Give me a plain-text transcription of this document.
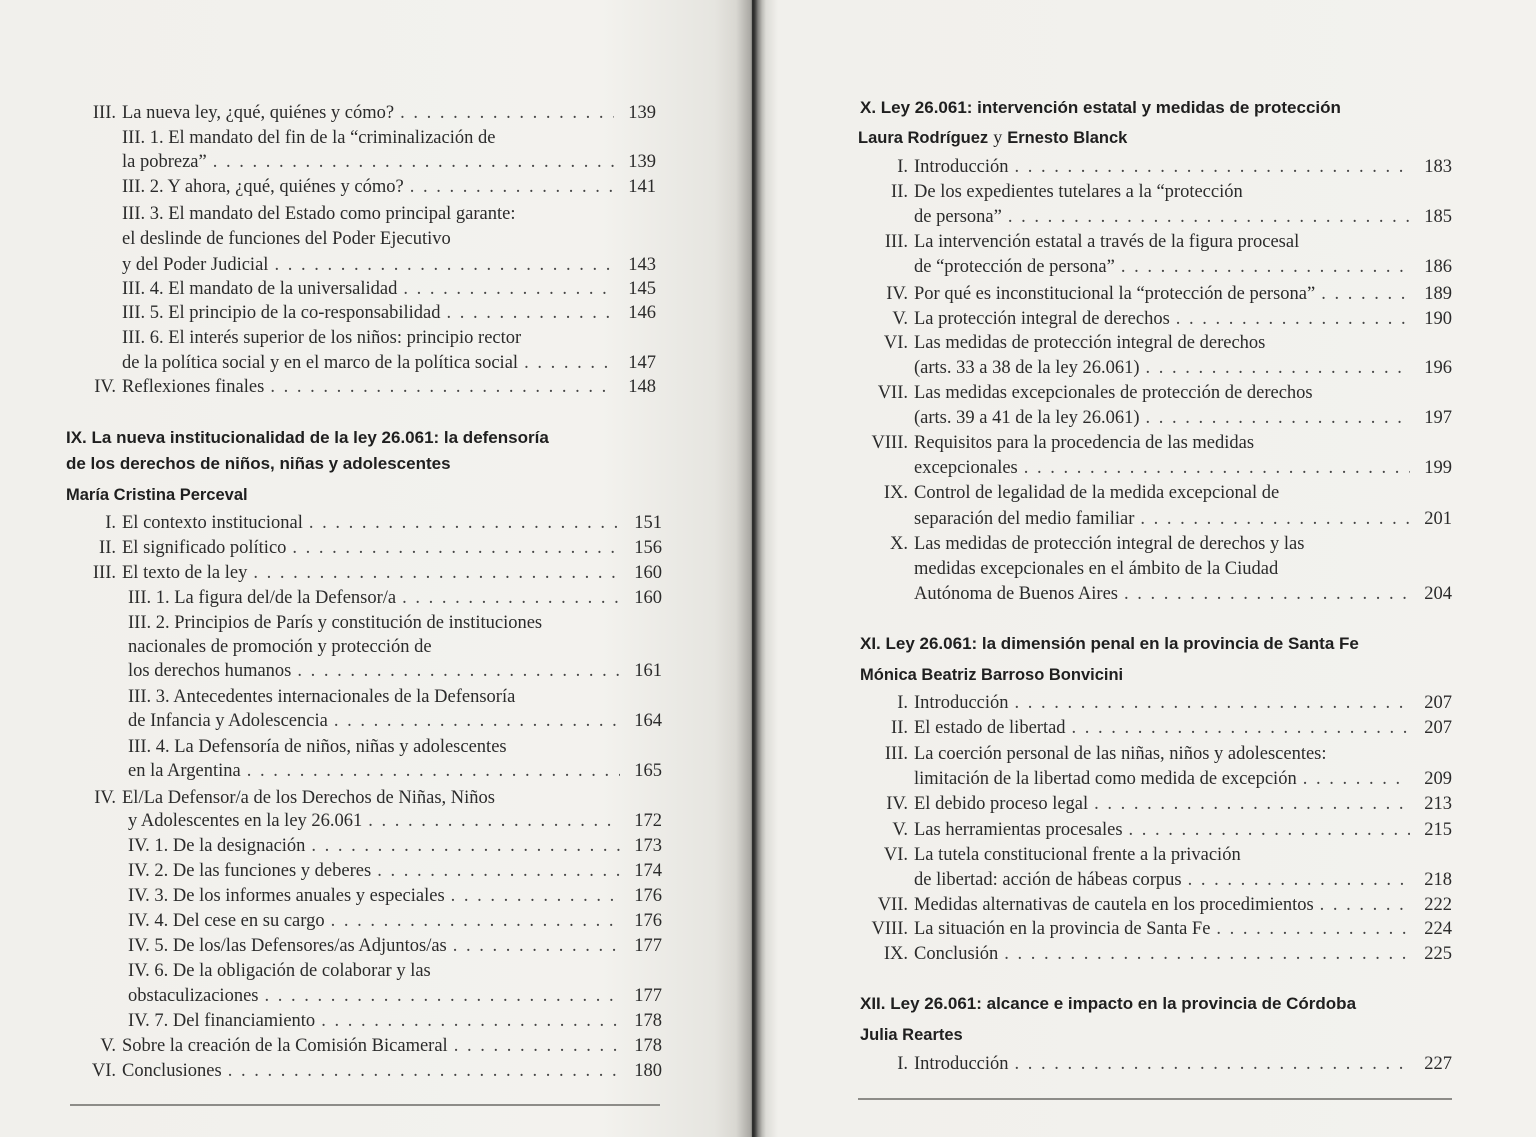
III. La nueva ley, ¿qué, quiénes y cómo? . . .	139
III. 1. El mandato del fin de la “criminalización de
la pobreza” . . .	139
III. 2. Y ahora, ¿qué, quiénes y cómo? . . .	141
III. 3. El mandato del Estado como principal garante:
el deslinde de funciones del Poder Ejecutivo
y del Poder Judicial . . .	143
III. 4. El mandato de la universalidad . . .	145
III. 5. El principio de la co-responsabilidad . . .	146
III. 6. El interés superior de los niños: principio rector
de la política social y en el marco de la política social . . .	147
IV. Reflexiones finales . . .	148
IX. La nueva institucionalidad de la ley 26.061: la defensoría
de los derechos de niños, niñas y adolescentes
María Cristina Perceval
I. El contexto institucional . . .	151
II. El significado político . . .	156
III. El texto de la ley . . .	160
III. 1. La figura del/de la Defensor/a . . .	160
III. 2. Principios de París y constitución de instituciones
nacionales de promoción y protección de
los derechos humanos . . .	161
III. 3. Antecedentes internacionales de la Defensoría
de Infancia y Adolescencia . . .	164
III. 4. La Defensoría de niños, niñas y adolescentes
en la Argentina . . .	165
IV. El/La Defensor/a de los Derechos de Niñas, Niños
y Adolescentes en la ley 26.061 . . .	172
IV. 1. De la designación . . .	173
IV. 2. De las funciones y deberes . . .	174
IV. 3. De los informes anuales y especiales . . .	176
IV. 4. Del cese en su cargo . . .	176
IV. 5. De los/las Defensores/as Adjuntos/as . . .	177
IV. 6. De la obligación de colaborar y las
obstaculizaciones . . .	177
IV. 7. Del financiamiento . . .	178
V. Sobre la creación de la Comisión Bicameral . . .	178
VI. Conclusiones . . .	180
X. Ley 26.061: intervención estatal y medidas de protección
Laura Rodríguez y Ernesto Blanck
I. Introducción . . .	183
II. De los expedientes tutelares a la “protección
de persona” . . .	185
III. La intervención estatal a través de la figura procesal
de “protección de persona” . . .	186
IV. Por qué es inconstitucional la “protección de persona” . . .	189
V. La protección integral de derechos . . .	190
VI. Las medidas de protección integral de derechos
(arts. 33 a 38 de la ley 26.061) . . .	196
VII. Las medidas excepcionales de protección de derechos
(arts. 39 a 41 de la ley 26.061) . . .	197
VIII. Requisitos para la procedencia de las medidas
excepcionales . . .	199
IX. Control de legalidad de la medida excepcional de
separación del medio familiar . . .	201
X. Las medidas de protección integral de derechos y las
medidas excepcionales en el ámbito de la Ciudad
Autónoma de Buenos Aires . . .	204
XI. Ley 26.061: la dimensión penal en la provincia de Santa Fe
Mónica Beatriz Barroso Bonvicini
I. Introducción . . .	207
II. El estado de libertad . . .	207
III. La coerción personal de las niñas, niños y adolescentes:
limitación de la libertad como medida de excepción . . .	209
IV. El debido proceso legal . . .	213
V. Las herramientas procesales . . .	215
VI. La tutela constitucional frente a la privación
de libertad: acción de hábeas corpus . . .	218
VII. Medidas alternativas de cautela en los procedimientos . . .	222
VIII. La situación en la provincia de Santa Fe . . .	224
IX. Conclusión . . .	225
XII. Ley 26.061: alcance e impacto en la provincia de Córdoba
Julia Reartes
I. Introducción . . .	227
